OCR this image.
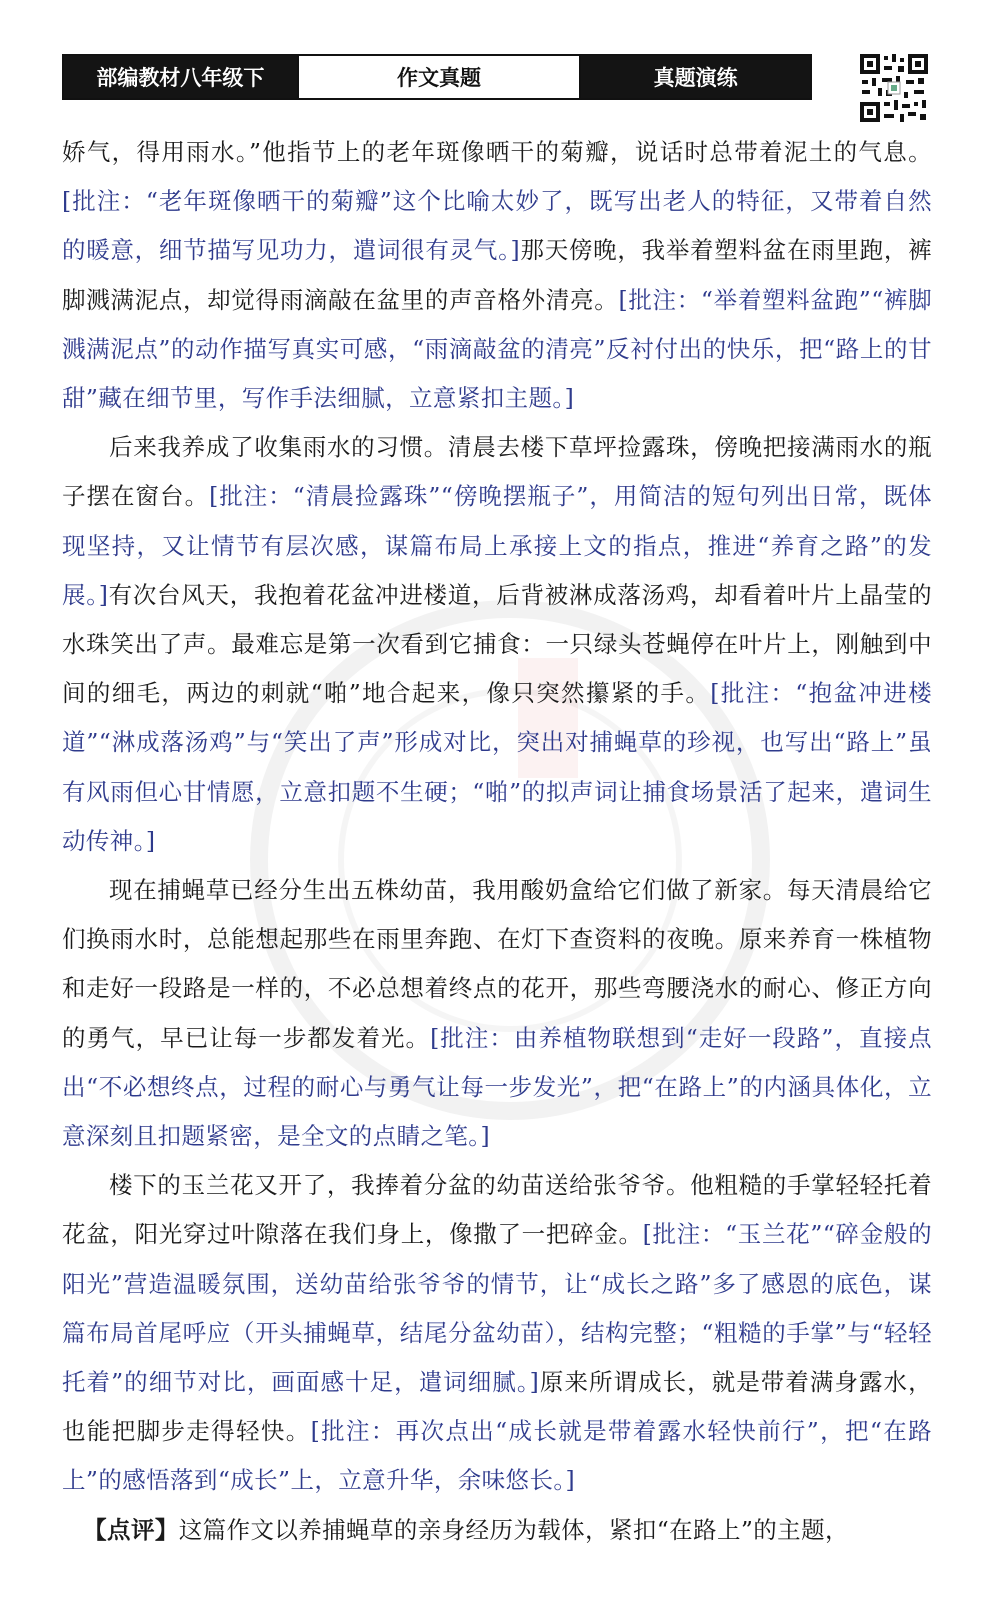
部编教材八年级下	作文真题	真题演练

娇气，得用雨水。”他指节上的老年斑像晒干的菊瓣，说话时总带着泥土的气息。[批注：“老年斑像晒干的菊瓣”这个比喻太妙了，既写出老人的特征，又带着自然的暖意，细节描写见功力，遣词很有灵气。]那天傍晚，我举着塑料盆在雨里跑，裤脚溅满泥点，却觉得雨滴敲在盆里的声音格外清亮。[批注：“举着塑料盆跑”“裤脚溅满泥点”的动作描写真实可感，“雨滴敲盆的清亮”反衬付出的快乐，把“路上的甘甜”藏在细节里，写作手法细腻，立意紧扣主题。]

后来我养成了收集雨水的习惯。清晨去楼下草坪捡露珠，傍晚把接满雨水的瓶子摆在窗台。[批注：“清晨捡露珠”“傍晚摆瓶子”，用简洁的短句列出日常，既体现坚持，又让情节有层次感，谋篇布局上承接上文的指点，推进“养育之路”的发展。]有次台风天，我抱着花盆冲进楼道，后背被淋成落汤鸡，却看着叶片上晶莹的水珠笑出了声。最难忘是第一次看到它捕食：一只绿头苍蝇停在叶片上，刚触到中间的细毛，两边的刺就“啪”地合起来，像只突然攥紧的手。[批注：“抱盆冲进楼道”“淋成落汤鸡”与“笑出了声”形成对比，突出对捕蝇草的珍视，也写出“路上”虽有风雨但心甘情愿，立意扣题不生硬；“啪”的拟声词让捕食场景活了起来，遣词生动传神。]

现在捕蝇草已经分生出五株幼苗，我用酸奶盒给它们做了新家。每天清晨给它们换雨水时，总能想起那些在雨里奔跑、在灯下查资料的夜晚。原来养育一株植物和走好一段路是一样的，不必总想着终点的花开，那些弯腰浇水的耐心、修正方向的勇气，早已让每一步都发着光。[批注：由养植物联想到“走好一段路”，直接点出“不必想终点，过程的耐心与勇气让每一步发光”，把“在路上”的内涵具体化，立意深刻且扣题紧密，是全文的点睛之笔。]

楼下的玉兰花又开了，我捧着分盆的幼苗送给张爷爷。他粗糙的手掌轻轻托着花盆，阳光穿过叶隙落在我们身上，像撒了一把碎金。[批注：“玉兰花”“碎金般的阳光”营造温暖氛围，送幼苗给张爷爷的情节，让“成长之路”多了感恩的底色，谋篇布局首尾呼应（开头捕蝇草，结尾分盆幼苗），结构完整；“粗糙的手掌”与“轻轻托着”的细节对比，画面感十足，遣词细腻。]原来所谓成长，就是带着满身露水，也能把脚步走得轻快。[批注：再次点出“成长就是带着露水轻快前行”，把“在路上”的感悟落到“成长”上，立意升华，余味悠长。]

【点评】这篇作文以养捕蝇草的亲身经历为载体，紧扣“在路上”的主题，
